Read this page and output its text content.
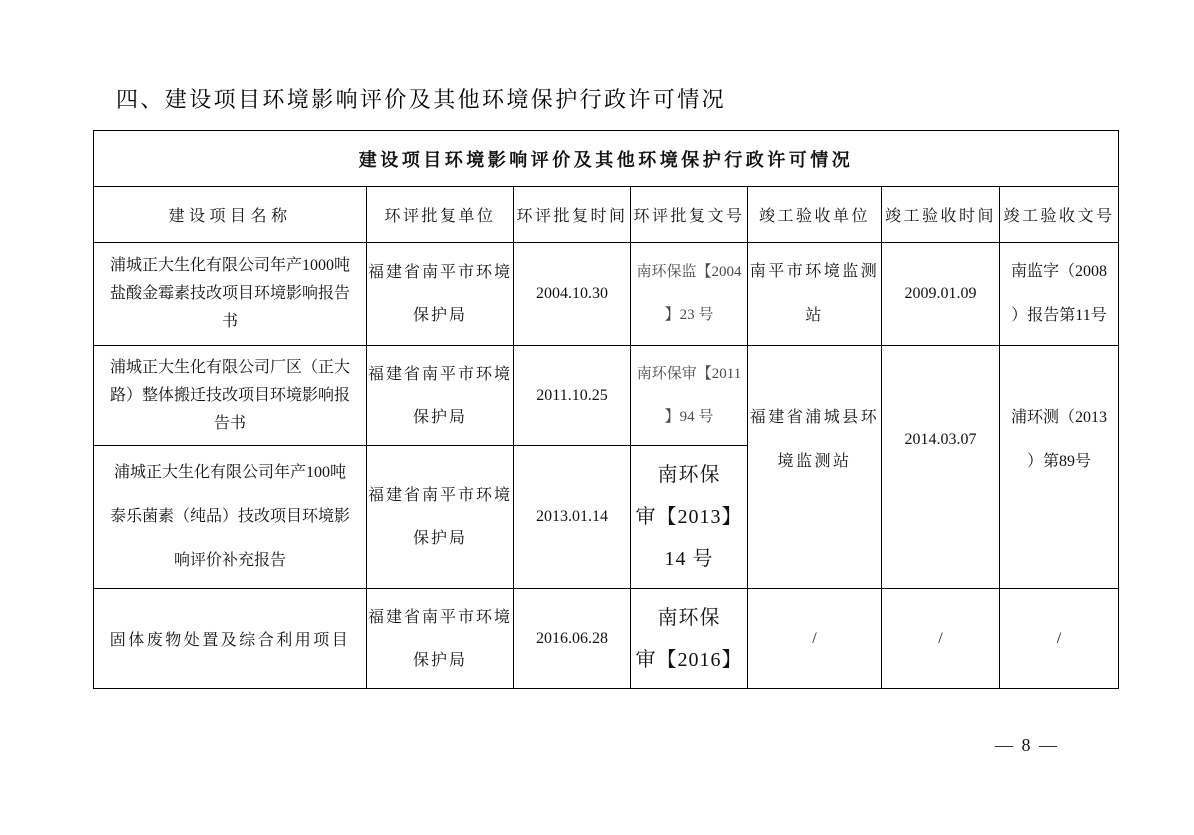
四、建设项目环境影响评价及其他环境保护行政许可情况
建设项目环境影响评价及其他环境保护行政许可情况						
建设项目名称	环评批复单位	环评批复时间	环评批复文号	竣工验收单位	竣工验收时间	竣工验收文号

浦城正大生化有限公司年产1000吨
盐酸金霉素技改项目环境影响报告
书	福建省南平市环境
保护局	2004.10.30	南环保监【2004
】23 号	南平市环境监测
站	2009.01.09	南监字（2008
）报告第11号

浦城正大生化有限公司厂区（正大
路）整体搬迁技改项目环境影响报
告书	福建省南平市环境
保护局	2011.10.25	南环保审【2011
】94 号	福建省浦城县环
境监测站	2014.03.07	浦环测（2013
）第89号

浦城正大生化有限公司年产100吨
泰乐菌素（纯品）技改项目环境影
响评价补充报告	福建省南平市环境
保护局	2013.01.14	南环保
审【2013】
14 号			

固体废物处置及综合利用项目	福建省南平市环境
保护局	2016.06.28	南环保
审【2016】	/	/	/
— 8 —
